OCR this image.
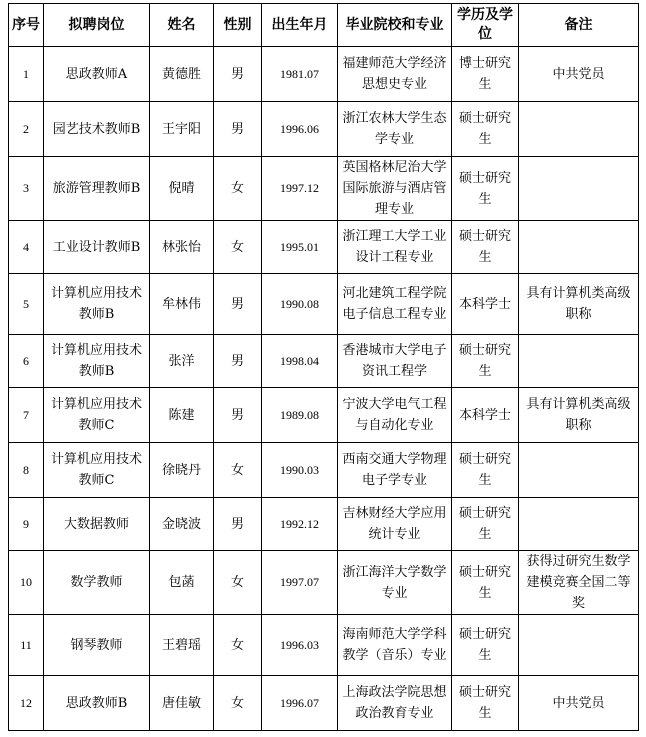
序号	拟聘岗位	姓名	性别	出生年月	毕业院校和专业	学历及学位	备注
1	思政教师A	黄德胜	男	1981.07	福建师范大学经济思想史专业	博士研究生	中共党员
2	园艺技术教师B	王宇阳	男	1996.06	浙江农林大学生态学专业	硕士研究生	
3	旅游管理教师B	倪晴	女	1997.12	英国格林尼治大学国际旅游与酒店管理专业	硕士研究生	
4	工业设计教师B	林张怡	女	1995.01	浙江理工大学工业设计工程专业	硕士研究生	
5	计算机应用技术教师B	牟林伟	男	1990.08	河北建筑工程学院电子信息工程专业	本科学士	具有计算机类高级职称
6	计算机应用技术教师B	张洋	男	1998.04	香港城市大学电子资讯工程学	硕士研究生	
7	计算机应用技术教师C	陈建	男	1989.08	宁波大学电气工程与自动化专业	本科学士	具有计算机类高级职称
8	计算机应用技术教师C	徐晓丹	女	1990.03	西南交通大学物理电子学专业	硕士研究生	
9	大数据教师	金晓波	男	1992.12	吉林财经大学应用统计专业	硕士研究生	
10	数学教师	包菡	女	1997.07	浙江海洋大学数学专业	硕士研究生	获得过研究生数学建模竞赛全国二等奖
11	钢琴教师	王碧瑶	女	1996.03	海南师范大学学科教学（音乐）专业	硕士研究生	
12	思政教师B	唐佳敏	女	1996.07	上海政法学院思想政治教育专业	硕士研究生	中共党员
